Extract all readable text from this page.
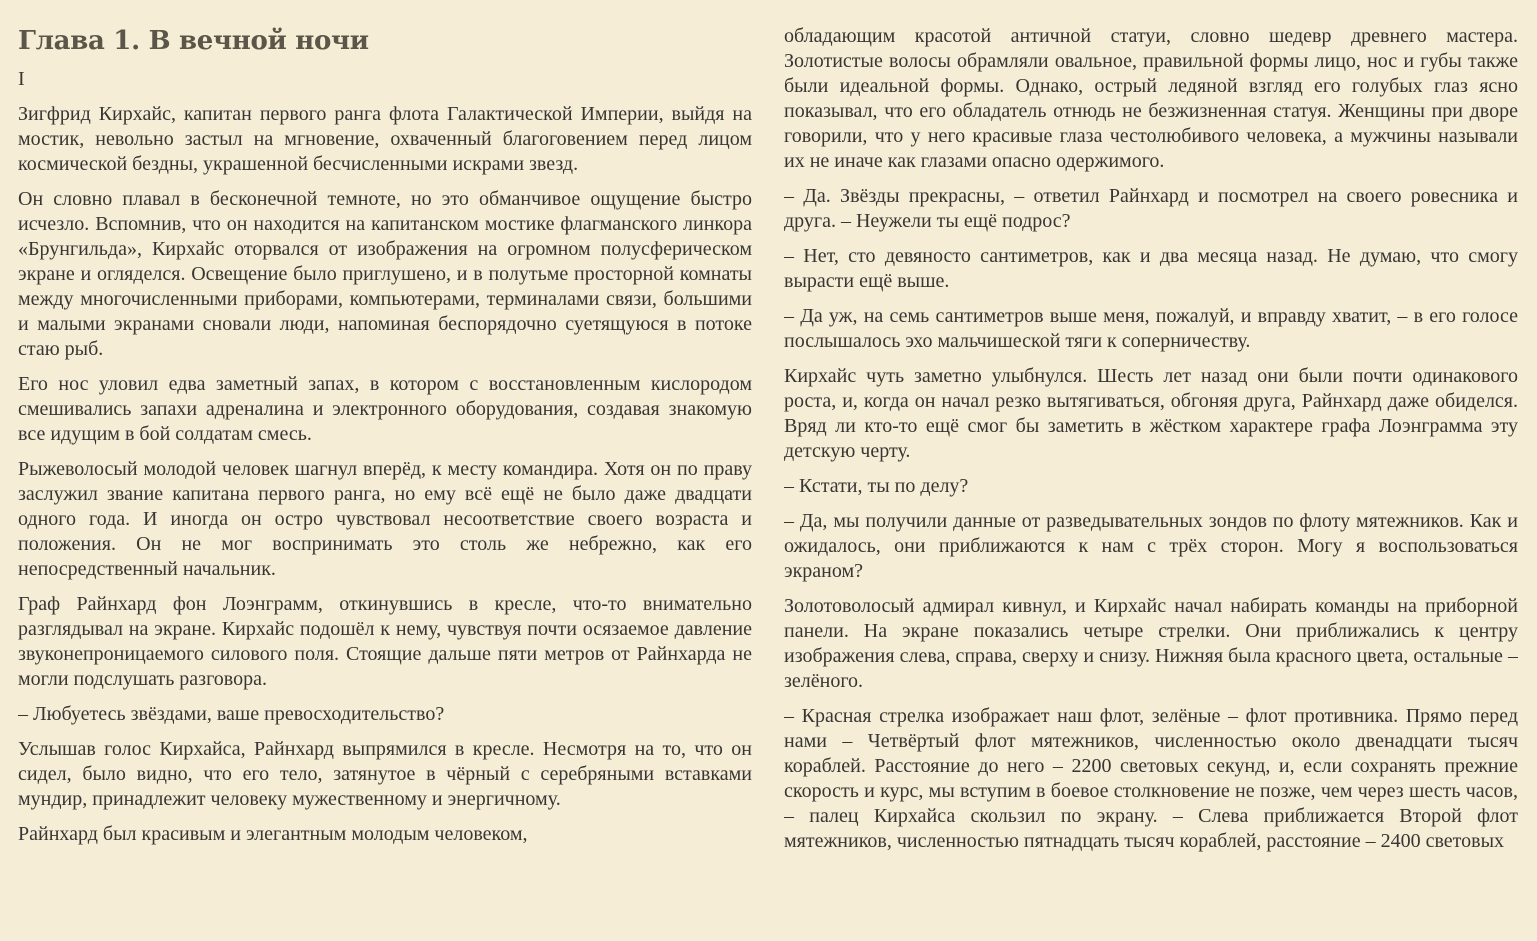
Глава 1. В вечной ночи
I

Зигфрид Кирхайс, капитан первого ранга флота Галактической Империи, выйдя на мостик, невольно застыл на мгновение, охваченный благоговением перед лицом космической бездны, украшенной бесчисленными искрами звезд.

Он словно плавал в бесконечной темноте, но это обманчивое ощущение быстро исчезло. Вспомнив, что он находится на капитанском мостике флагманского линкора «Брунгильда», Кирхайс оторвался от изображения на огромном полусферическом экране и огляделся. Освещение было приглушено, и в полутьме просторной комнаты между многочисленными приборами, компьютерами, терминалами связи, большими и малыми экранами сновали люди, напоминая беспорядочно суетящуюся в потоке стаю рыб.

Его нос уловил едва заметный запах, в котором с восстановленным кислородом смешивались запахи адреналина и электронного оборудования, создавая знакомую все идущим в бой солдатам смесь.

Рыжеволосый молодой человек шагнул вперёд, к месту командира. Хотя он по праву заслужил звание капитана первого ранга, но ему всё ещё не было даже двадцати одного года. И иногда он остро чувствовал несоответствие своего возраста и положения. Он не мог воспринимать это столь же небрежно, как его непосредственный начальник.

Граф Райнхард фон Лоэнграмм, откинувшись в кресле, что-то внимательно разглядывал на экране. Кирхайс подошёл к нему, чувствуя почти осязаемое давление звуконепроницаемого силового поля. Стоящие дальше пяти метров от Райнхарда не могли подслушать разговора.

– Любуетесь звёздами, ваше превосходительство?

Услышав голос Кирхайса, Райнхард выпрямился в кресле. Несмотря на то, что он сидел, было видно, что его тело, затянутое в чёрный с серебряными вставками мундир, принадлежит человеку мужественному и энергичному.

Райнхард был красивым и элегантным молодым человеком,

обладающим красотой античной статуи, словно шедевр древнего мастера. Золотистые волосы обрамляли овальное, правильной формы лицо, нос и губы также были идеальной формы. Однако, острый ледяной взгляд его голубых глаз ясно показывал, что его обладатель отнюдь не безжизненная статуя. Женщины при дворе говорили, что у него красивые глаза честолюбивого человека, а мужчины называли их не иначе как глазами опасно одержимого.

– Да. Звёзды прекрасны, – ответил Райнхард и посмотрел на своего ровесника и друга. – Неужели ты ещё подрос?

– Нет, сто девяносто сантиметров, как и два месяца назад. Не думаю, что смогу вырасти ещё выше.

– Да уж, на семь сантиметров выше меня, пожалуй, и вправду хватит, – в его голосе послышалось эхо мальчишеской тяги к соперничеству.

Кирхайс чуть заметно улыбнулся. Шесть лет назад они были почти одинакового роста, и, когда он начал резко вытягиваться, обгоняя друга, Райнхард даже обиделся. Вряд ли кто-то ещё смог бы заметить в жёстком характере графа Лоэнграмма эту детскую черту.

– Кстати, ты по делу?

– Да, мы получили данные от разведывательных зондов по флоту мятежников. Как и ожидалось, они приближаются к нам с трёх сторон. Могу я воспользоваться экраном?

Золотоволосый адмирал кивнул, и Кирхайс начал набирать команды на приборной панели. На экране показались четыре стрелки. Они приближались к центру изображения слева, справа, сверху и снизу. Нижняя была красного цвета, остальные – зелёного.

– Красная стрелка изображает наш флот, зелёные – флот противника. Прямо перед нами – Четвёртый флот мятежников, численностью около двенадцати тысяч кораблей. Расстояние до него – 2200 световых секунд, и, если сохранять прежние скорость и курс, мы вступим в боевое столкновение не позже, чем через шесть часов, – палец Кирхайса скользил по экрану. – Слева приближается Второй флот мятежников, численностью пятнадцать тысяч кораблей, расстояние – 2400 световых
